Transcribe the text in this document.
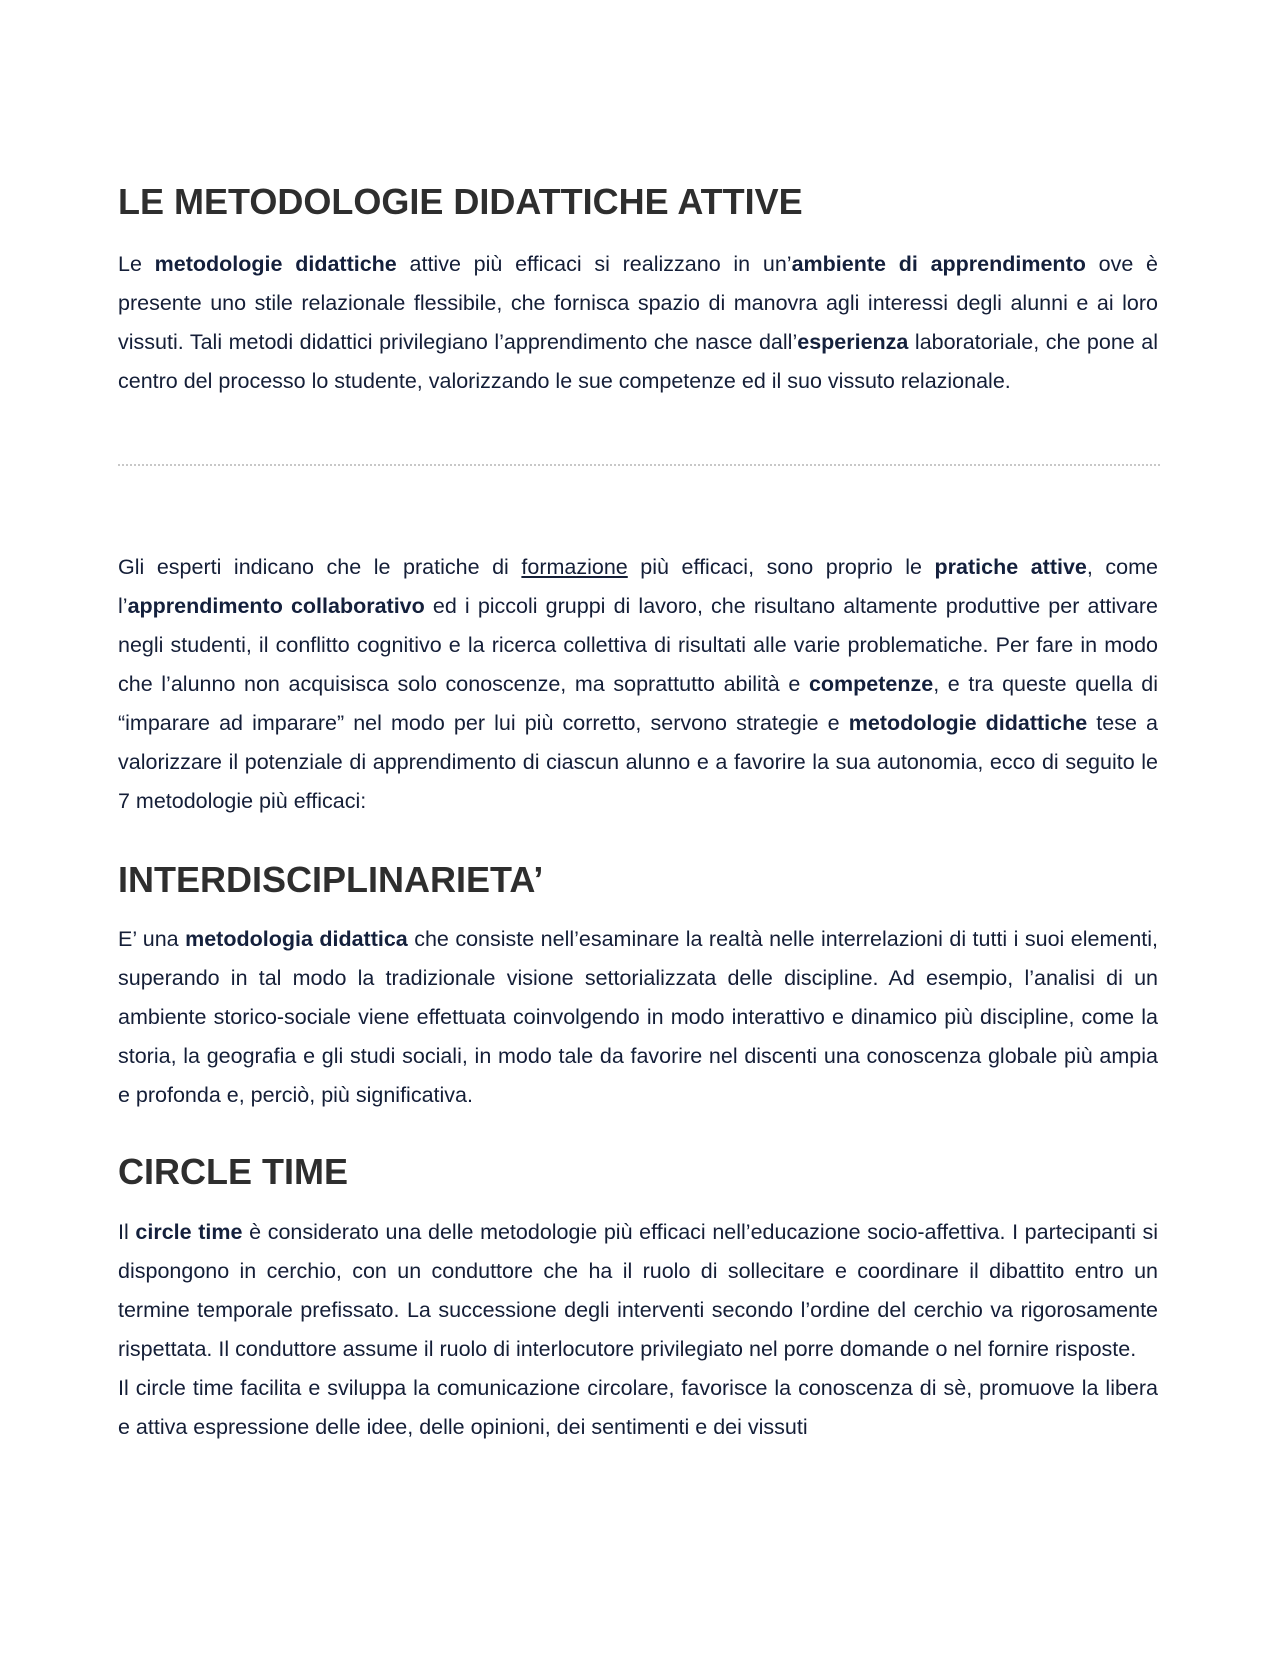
LE METODOLOGIE DIDATTICHE ATTIVE

Le metodologie didattiche attive più efficaci si realizzano in un’ambiente di apprendimento ove è presente uno stile relazionale flessibile, che fornisca spazio di manovra agli interessi degli alunni e ai loro vissuti. Tali metodi didattici privilegiano l’apprendimento che nasce dall’esperienza laboratoriale, che pone al centro del processo lo studente, valorizzando le sue competenze ed il suo vissuto relazionale.

Gli esperti indicano che le pratiche di formazione più efficaci, sono proprio le pratiche attive, come l’apprendimento collaborativo ed i piccoli gruppi di lavoro, che risultano altamente produttive per attivare negli studenti, il conflitto cognitivo e la ricerca collettiva di risultati alle varie problematiche. Per fare in modo che l’alunno non acquisisca solo conoscenze, ma soprattutto abilità e competenze, e tra queste quella di “imparare ad imparare” nel modo per lui più corretto, servono strategie e metodologie didattiche tese a valorizzare il potenziale di apprendimento di ciascun alunno e a favorire la sua autonomia, ecco di seguito le 7 metodologie più efficaci:

INTERDISCIPLINARIETA’

E’ una metodologia didattica che consiste nell’esaminare la realtà nelle interrelazioni di tutti i suoi elementi, superando in tal modo la tradizionale visione settorializzata delle discipline. Ad esempio, l’analisi di un ambiente storico-sociale viene effettuata coinvolgendo in modo interattivo e dinamico più discipline, come la storia, la geografia e gli studi sociali, in modo tale da favorire nel discenti una conoscenza globale più ampia e profonda e, perciò, più significativa.

CIRCLE TIME

Il circle time è considerato una delle metodologie più efficaci nell’educazione socio-affettiva. I partecipanti si dispongono in cerchio, con un conduttore che ha il ruolo di sollecitare e coordinare il dibattito entro un termine temporale prefissato. La successione degli interventi secondo l’ordine del cerchio va rigorosamente rispettata. Il conduttore assume il ruolo di interlocutore privilegiato nel porre domande o nel fornire risposte.
Il circle time facilita e sviluppa la comunicazione circolare, favorisce la conoscenza di sè, promuove la libera e attiva espressione delle idee, delle opinioni, dei sentimenti e dei vissuti
